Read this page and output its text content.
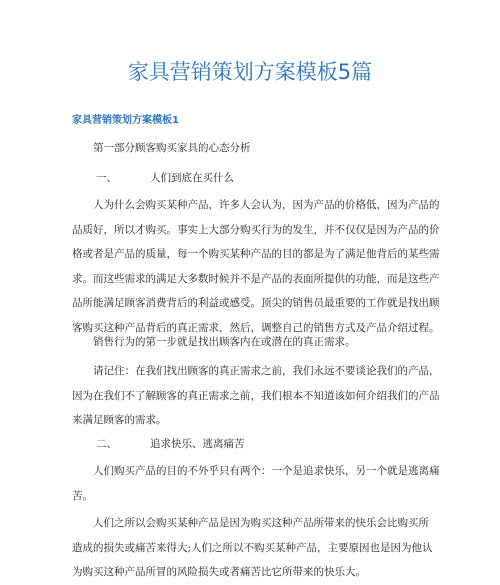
家具营销策划方案模板5篇
家具营销策划方案模板1
第一部分顾客购买家具的心态分析
一、	人们到底在买什么
人为什么会购买某种产品，许多人会认为，因为产品的价格低，因为产品的
品质好，所以才购买。事实上大部分购买行为的发生，并不仅仅是因为产品的价
格或者是产品的质量，每一个购买某种产品的目的都是为了满足他背后的某些需
求。而这些需求的满足大多数时候并不是产品的表面所提供的功能，而是这些产
品所能满足顾客消费背后的利益或感受。顶尖的销售员最重要的工作就是找出顾
客购买这种产品背后的真正需求，然后，调整自己的销售方式及产品介绍过程。
销售行为的第一步就是找出顾客内在或潜在的真正需求。
请记住：在我们找出顾客的真正需求之前，我们永远不要谈论我们的产品，
因为在我们不了解顾客的真正需求之前，我们根本不知道该如何介绍我们的产品
来满足顾客的需求。
二、	追求快乐、逃离痛苦
人们购买产品的目的不外乎只有两个：一个是追求快乐，另一个就是逃离痛
苦。
人们之所以会购买某种产品是因为购买这种产品所带来的快乐会比购买所
造成的损失或痛苦来得大;人们之所以不购买某种产品，主要原因也是因为他认
为购买这种产品所冒的风险损失或者痛苦比它所带来的快乐大。
